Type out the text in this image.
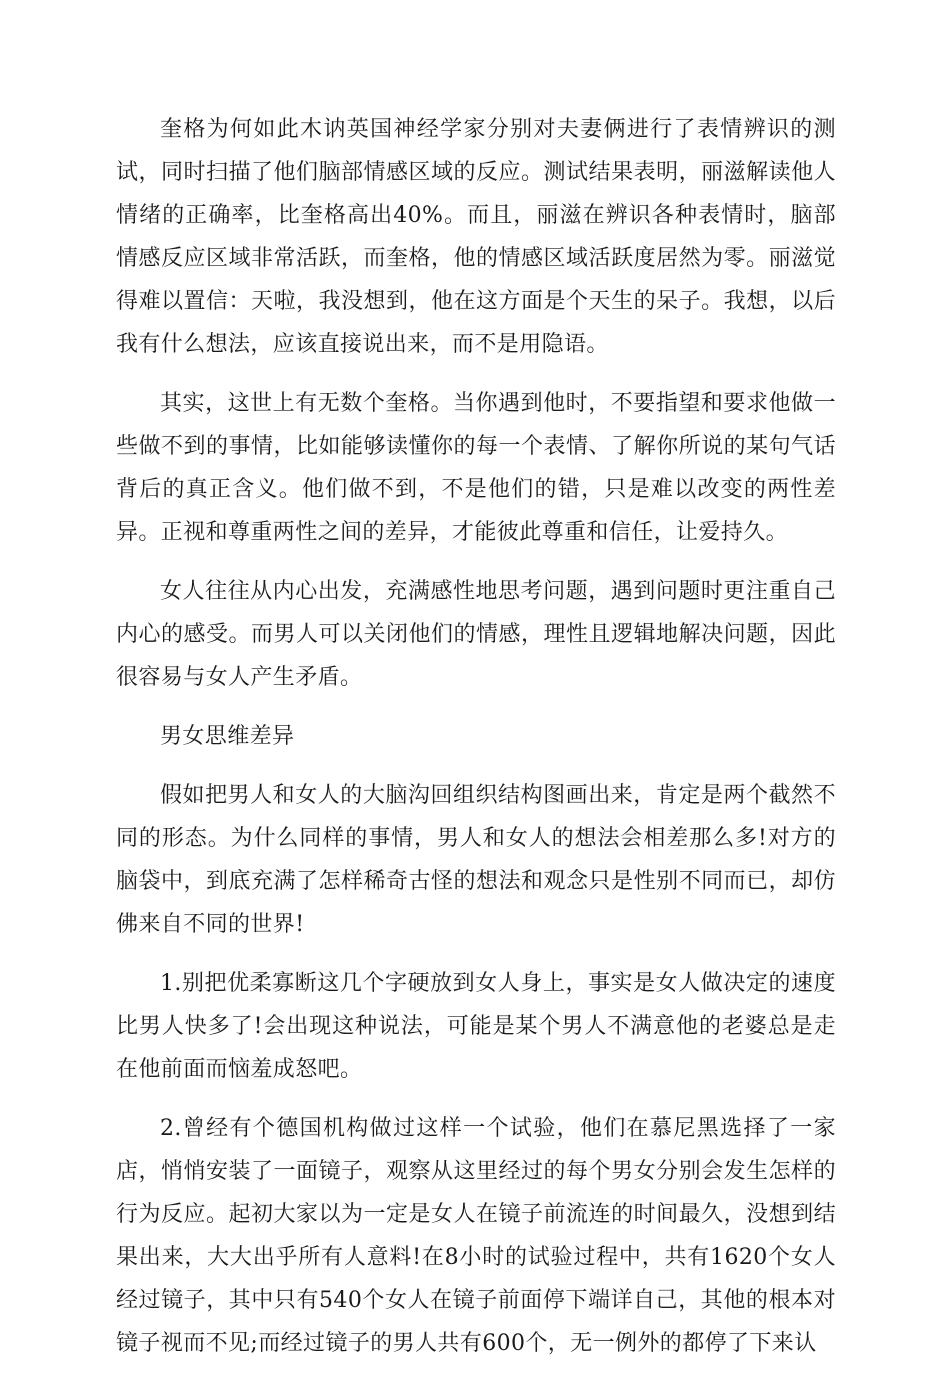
奎格为何如此木讷英国神经学家分别对夫妻俩进行了表情辨识的测试，同时扫描了他们脑部情感区域的反应。测试结果表明，丽滋解读他人情绪的正确率，比奎格高出40%。而且，丽滋在辨识各种表情时，脑部情感反应区域非常活跃，而奎格，他的情感区域活跃度居然为零。丽滋觉得难以置信：天啦，我没想到，他在这方面是个天生的呆子。我想，以后我有什么想法，应该直接说出来，而不是用隐语。

其实，这世上有无数个奎格。当你遇到他时，不要指望和要求他做一些做不到的事情，比如能够读懂你的每一个表情、了解你所说的某句气话背后的真正含义。他们做不到，不是他们的错，只是难以改变的两性差异。正视和尊重两性之间的差异，才能彼此尊重和信任，让爱持久。

女人往往从内心出发，充满感性地思考问题，遇到问题时更注重自己内心的感受。而男人可以关闭他们的情感，理性且逻辑地解决问题，因此很容易与女人产生矛盾。

男女思维差异

假如把男人和女人的大脑沟回组织结构图画出来，肯定是两个截然不同的形态。为什么同样的事情，男人和女人的想法会相差那么多!对方的脑袋中，到底充满了怎样稀奇古怪的想法和观念只是性别不同而已，却仿佛来自不同的世界!

1.别把优柔寡断这几个字硬放到女人身上，事实是女人做决定的速度比男人快多了!会出现这种说法，可能是某个男人不满意他的老婆总是走在他前面而恼羞成怒吧。

2.曾经有个德国机构做过这样一个试验，他们在慕尼黑选择了一家店，悄悄安装了一面镜子，观察从这里经过的每个男女分别会发生怎样的行为反应。起初大家以为一定是女人在镜子前流连的时间最久，没想到结果出来，大大出乎所有人意料!在8小时的试验过程中，共有1620个女人经过镜子，其中只有540个女人在镜子前面停下端详自己，其他的根本对镜子视而不见;而经过镜子的男人共有600个，无一例外的都停了下来认
